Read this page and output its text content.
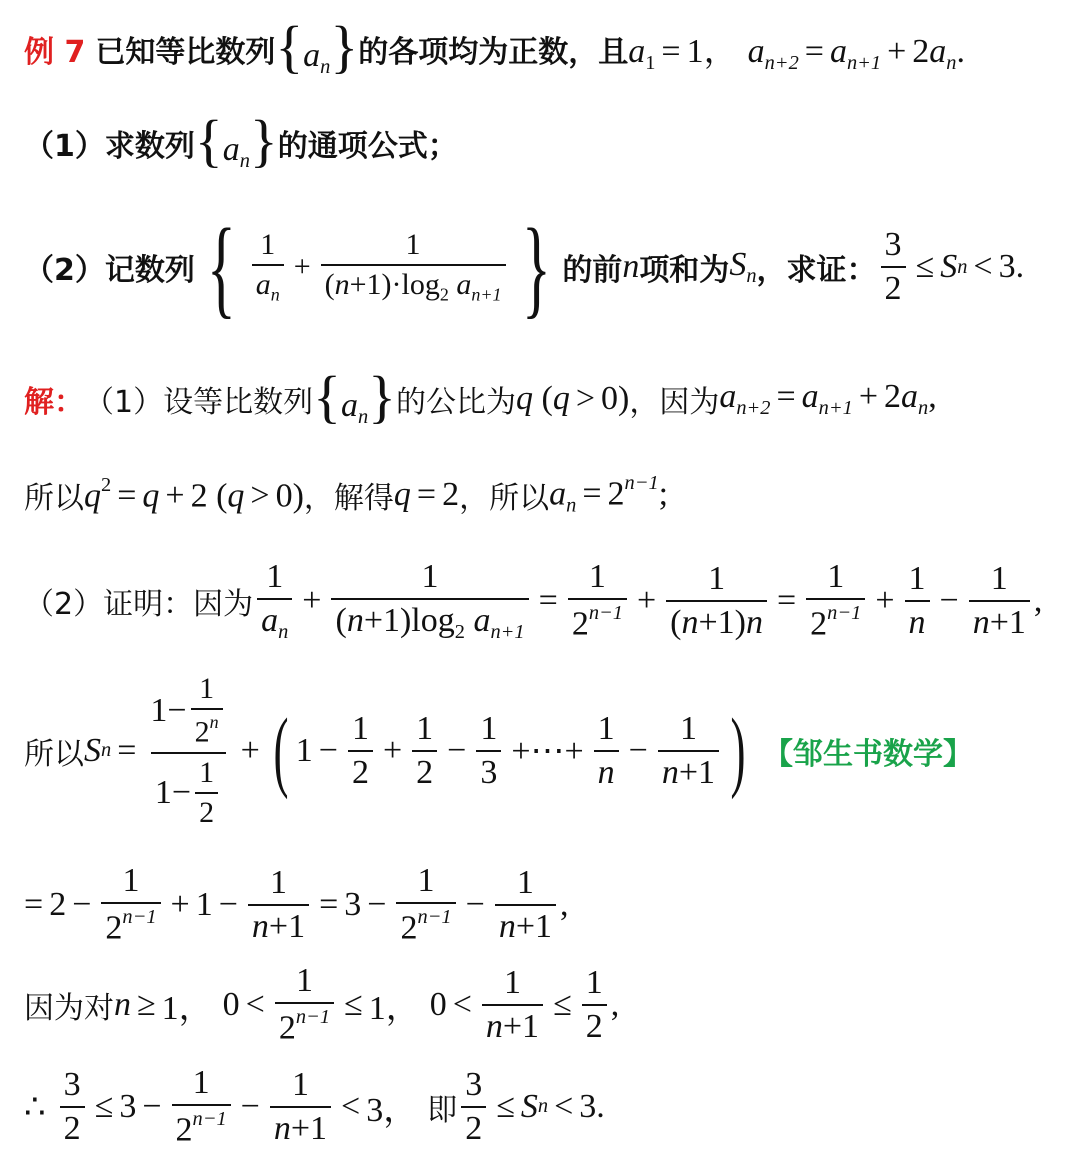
例 7 已知等比数列 $\{a_n\}$ 的各项均为正数，且 $a_1 = 1$， $a_{n+2} = a_{n+1} + 2a_n$.
（1） 求数列 $\{a_n\}$ 的通项公式；
（2） 记数列 { $\frac{1}{a_n} + \frac{1}{(n+1)\cdot\log_2 a_{n+1}}$ } 的前 n 项和为 $S_n$ ，求证： $\frac{3}{2} \le S$ n < 3.
解： （1） 设等比数列 $\{a_n\}$ 的公比为 q (q > 0) ，因为 $a_{n+2} = a_{n+1} + 2a_n$,
所以 $q^2 = q + 2$ (q > 0) ，解得 q = 2 ，所以 $a_n = 2^{n-1}$;
（2） 证明：因为 $\frac{1}{a_n} + \frac{1}{(n+1)\log_2 a_{n+1}} = \frac{1}{2^{n-1}} + \frac{1}{(n+1)n} = \frac{1}{2^{n-1}} + \frac{1}{n} - \frac{1}{n+1}$ ,
所以 S $n = \frac{1- \frac{1}{2^n}}{1- \frac{1}{2}}$ + ( $1 - \frac{1}{2} + \frac{1}{2} - \frac{1}{3}$ +⋯+ $\frac{1}{n} - \frac{1}{n+1}$ ) 【邹生书数学】
= $2 - \frac{1}{2^{n-1}} + 1 - \frac{1}{n+1} = 3 - \frac{1}{2^{n-1}} - \frac{1}{n+1}$ ,
因为对 n ≥ 1， $0 < \frac{1}{2^{n-1}} \le 1$， $0 < \frac{1}{n+1} \le \frac{1}{2}$ ,
∴ $\frac{3}{2} \le 3 - \frac{1}{2^{n-1}} - \frac{1}{n+1} < 3$， 即 $\frac{3}{2} \le S$ n < 3.
